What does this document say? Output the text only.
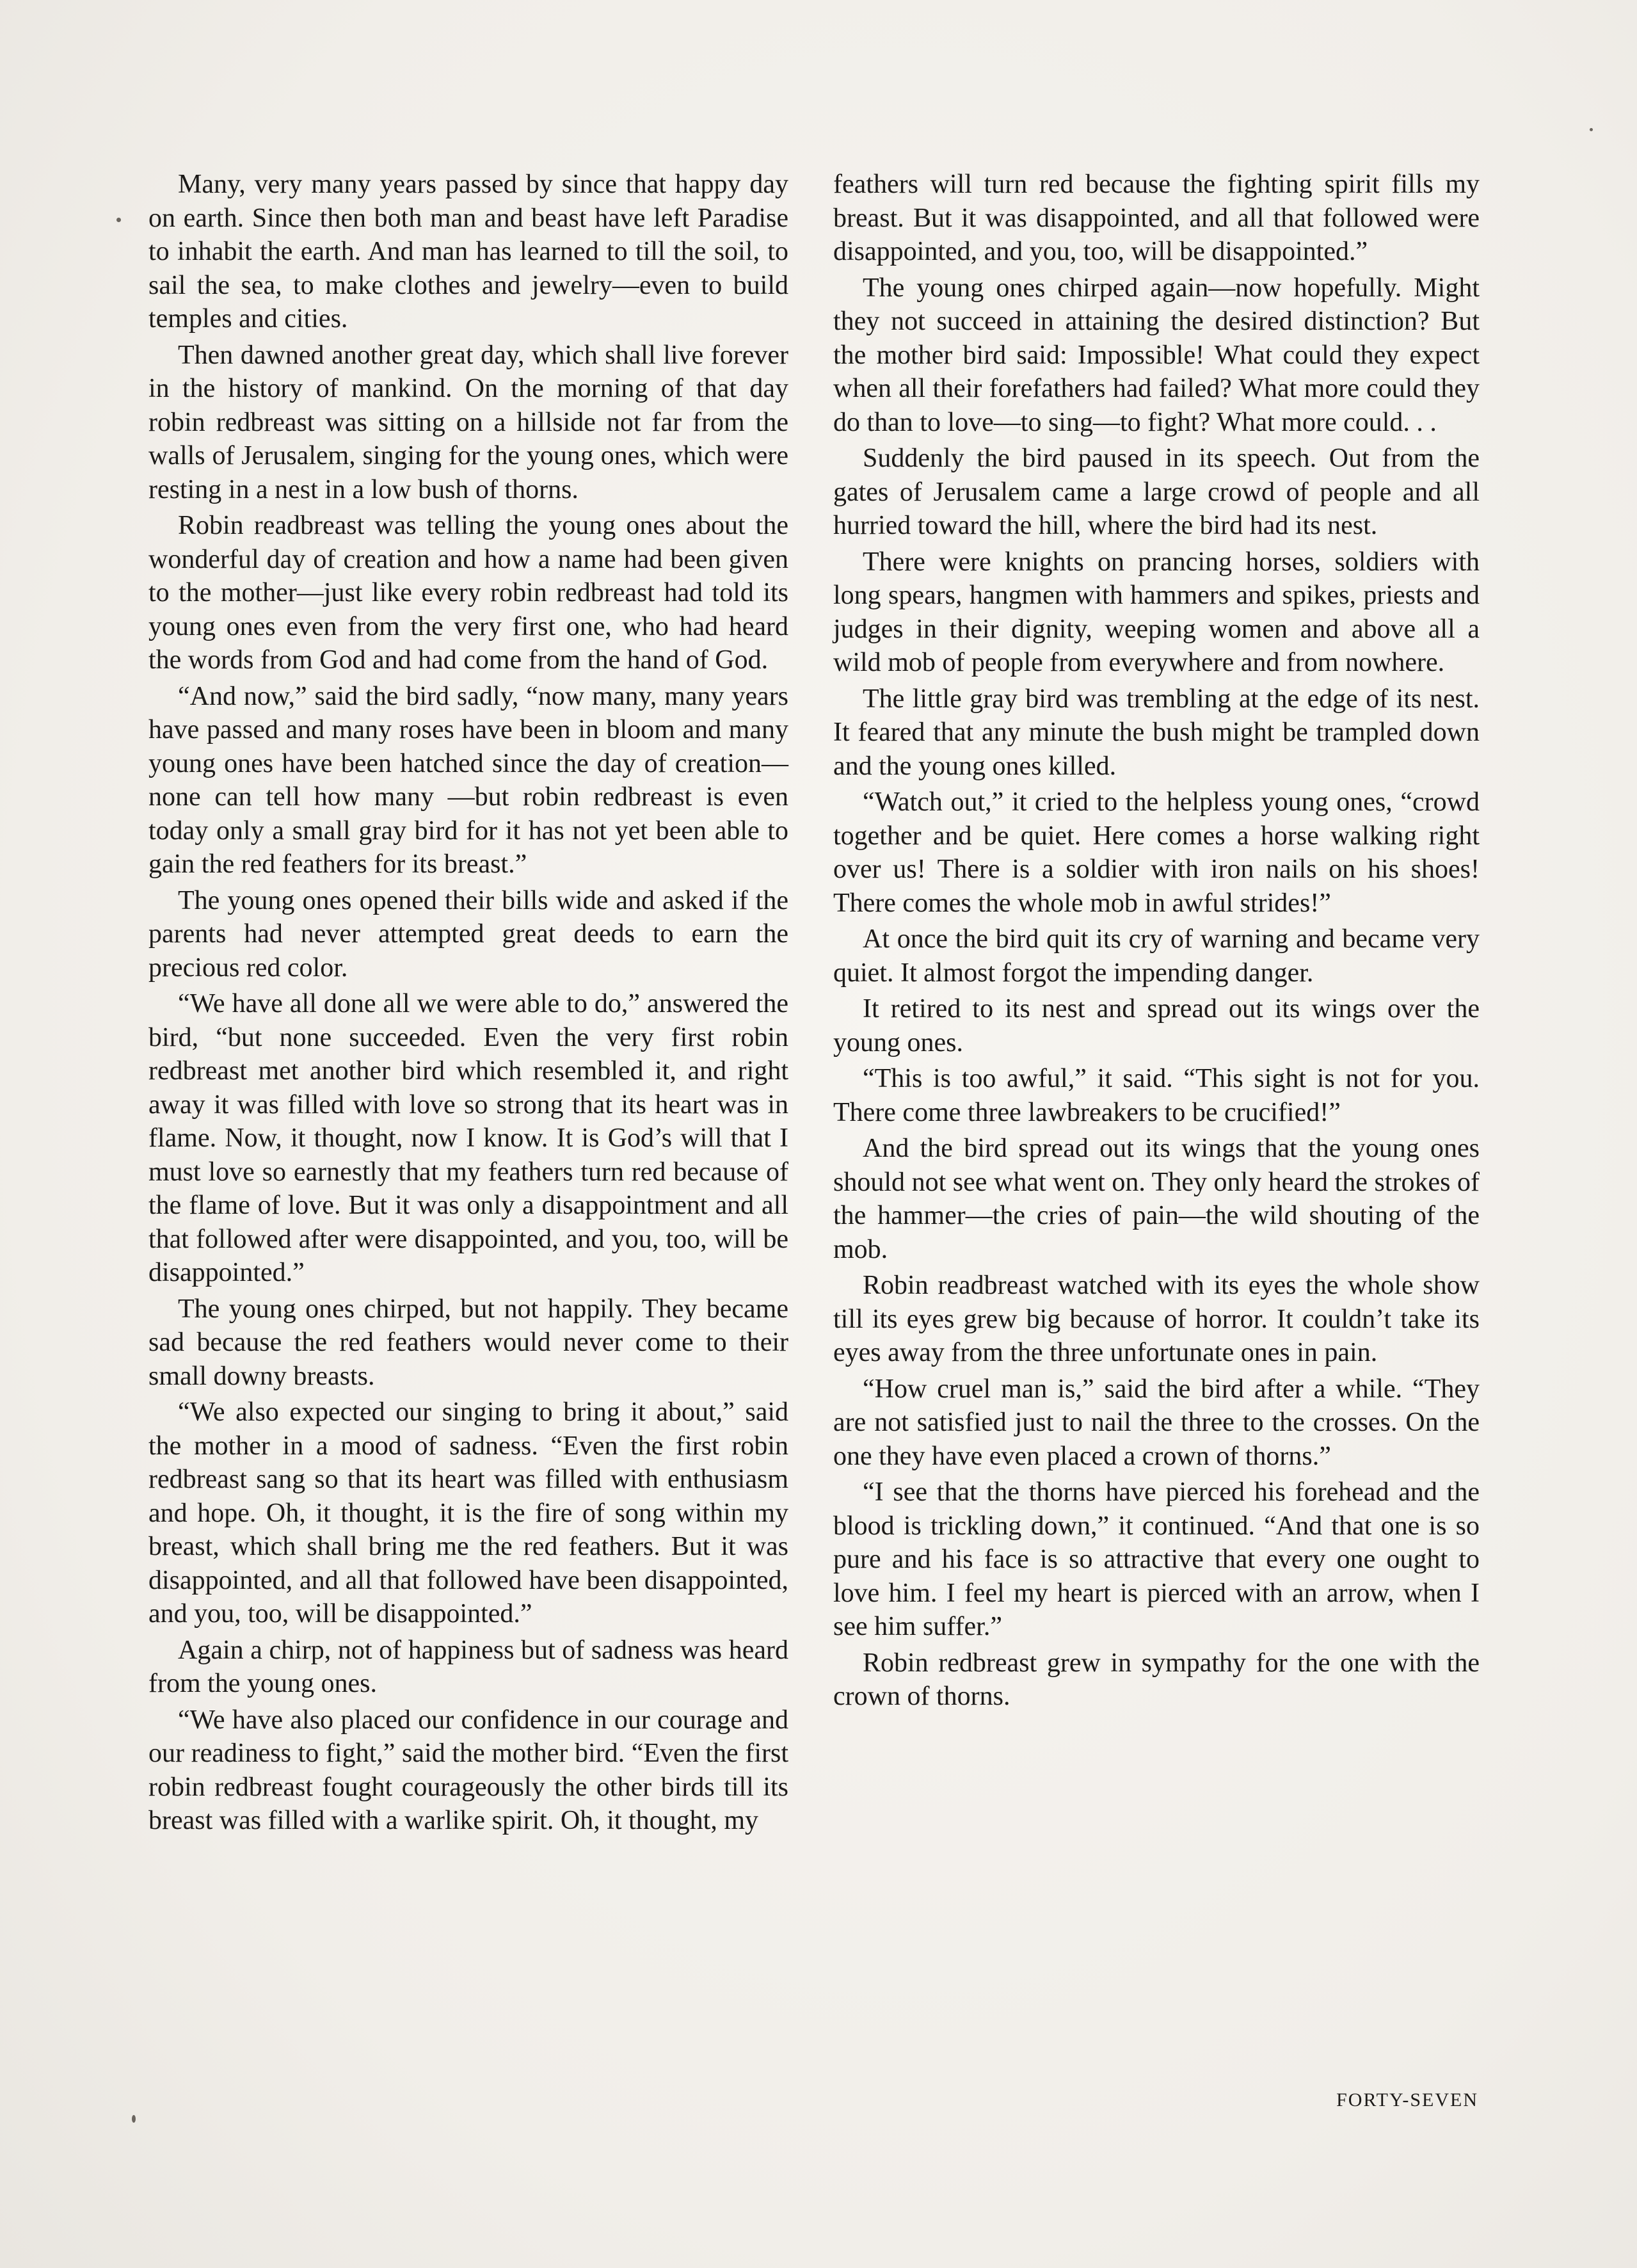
Many, very many years passed by since that happy day on earth. Since then both man and beast have left Paradise to inhabit the earth. And man has learned to till the soil, to sail the sea, to make clothes and jewelry—even to build temples and cities.

Then dawned another great day, which shall live forever in the history of mankind. On the morning of that day robin redbreast was sitting on a hillside not far from the walls of Jerusalem, singing for the young ones, which were resting in a nest in a low bush of thorns.

Robin readbreast was telling the young ones about the wonderful day of creation and how a name had been given to the mother—just like every robin redbreast had told its young ones even from the very first one, who had heard the words from God and had come from the hand of God.

“And now,” said the bird sadly, “now many, many years have passed and many roses have been in bloom and many young ones have been hatched since the day of creation—none can tell how many —but robin redbreast is even today only a small gray bird for it has not yet been able to gain the red feathers for its breast.”

The young ones opened their bills wide and asked if the parents had never attempted great deeds to earn the precious red color.

“We have all done all we were able to do,” answered the bird, “but none succeeded. Even the very first robin redbreast met another bird which resembled it, and right away it was filled with love so strong that its heart was in flame. Now, it thought, now I know. It is God’s will that I must love so earnestly that my feathers turn red because of the flame of love. But it was only a disappointment and all that followed after were disappointed, and you, too, will be disappointed.”

The young ones chirped, but not happily. They became sad because the red feathers would never come to their small downy breasts.

“We also expected our singing to bring it about,” said the mother in a mood of sadness. “Even the first robin redbreast sang so that its heart was filled with enthusiasm and hope. Oh, it thought, it is the fire of song within my breast, which shall bring me the red feathers. But it was disappointed, and all that followed have been disappointed, and you, too, will be disappointed.”

Again a chirp, not of happiness but of sadness was heard from the young ones.

“We have also placed our confidence in our courage and our readiness to fight,” said the mother bird. “Even the first robin redbreast fought courageously the other birds till its breast was filled with a warlike spirit. Oh, it thought, my

feathers will turn red because the fighting spirit fills my breast. But it was disappointed, and all that followed were disappointed, and you, too, will be disappointed.”

The young ones chirped again—now hopefully. Might they not succeed in attaining the desired distinction? But the mother bird said: Impossible! What could they expect when all their forefathers had failed? What more could they do than to love—to sing—to fight? What more could. . .

Suddenly the bird paused in its speech. Out from the gates of Jerusalem came a large crowd of people and all hurried toward the hill, where the bird had its nest.

There were knights on prancing horses, soldiers with long spears, hangmen with hammers and spikes, priests and judges in their dignity, weeping women and above all a wild mob of people from everywhere and from nowhere.

The little gray bird was trembling at the edge of its nest. It feared that any minute the bush might be trampled down and the young ones killed.

“Watch out,” it cried to the helpless young ones, “crowd together and be quiet. Here comes a horse walking right over us! There is a soldier with iron nails on his shoes! There comes the whole mob in awful strides!”

At once the bird quit its cry of warning and became very quiet. It almost forgot the impending danger.

It retired to its nest and spread out its wings over the young ones.

“This is too awful,” it said. “This sight is not for you. There come three lawbreakers to be crucified!”

And the bird spread out its wings that the young ones should not see what went on. They only heard the strokes of the hammer—the cries of pain—the wild shouting of the mob.

Robin readbreast watched with its eyes the whole show till its eyes grew big because of horror. It couldn’t take its eyes away from the three unfortunate ones in pain.

“How cruel man is,” said the bird after a while. “They are not satisfied just to nail the three to the crosses. On the one they have even placed a crown of thorns.”

“I see that the thorns have pierced his forehead and the blood is trickling down,” it continued. “And that one is so pure and his face is so attractive that every one ought to love him. I feel my heart is pierced with an arrow, when I see him suffer.”

Robin redbreast grew in sympathy for the one with the crown of thorns.

FORTY-SEVEN
